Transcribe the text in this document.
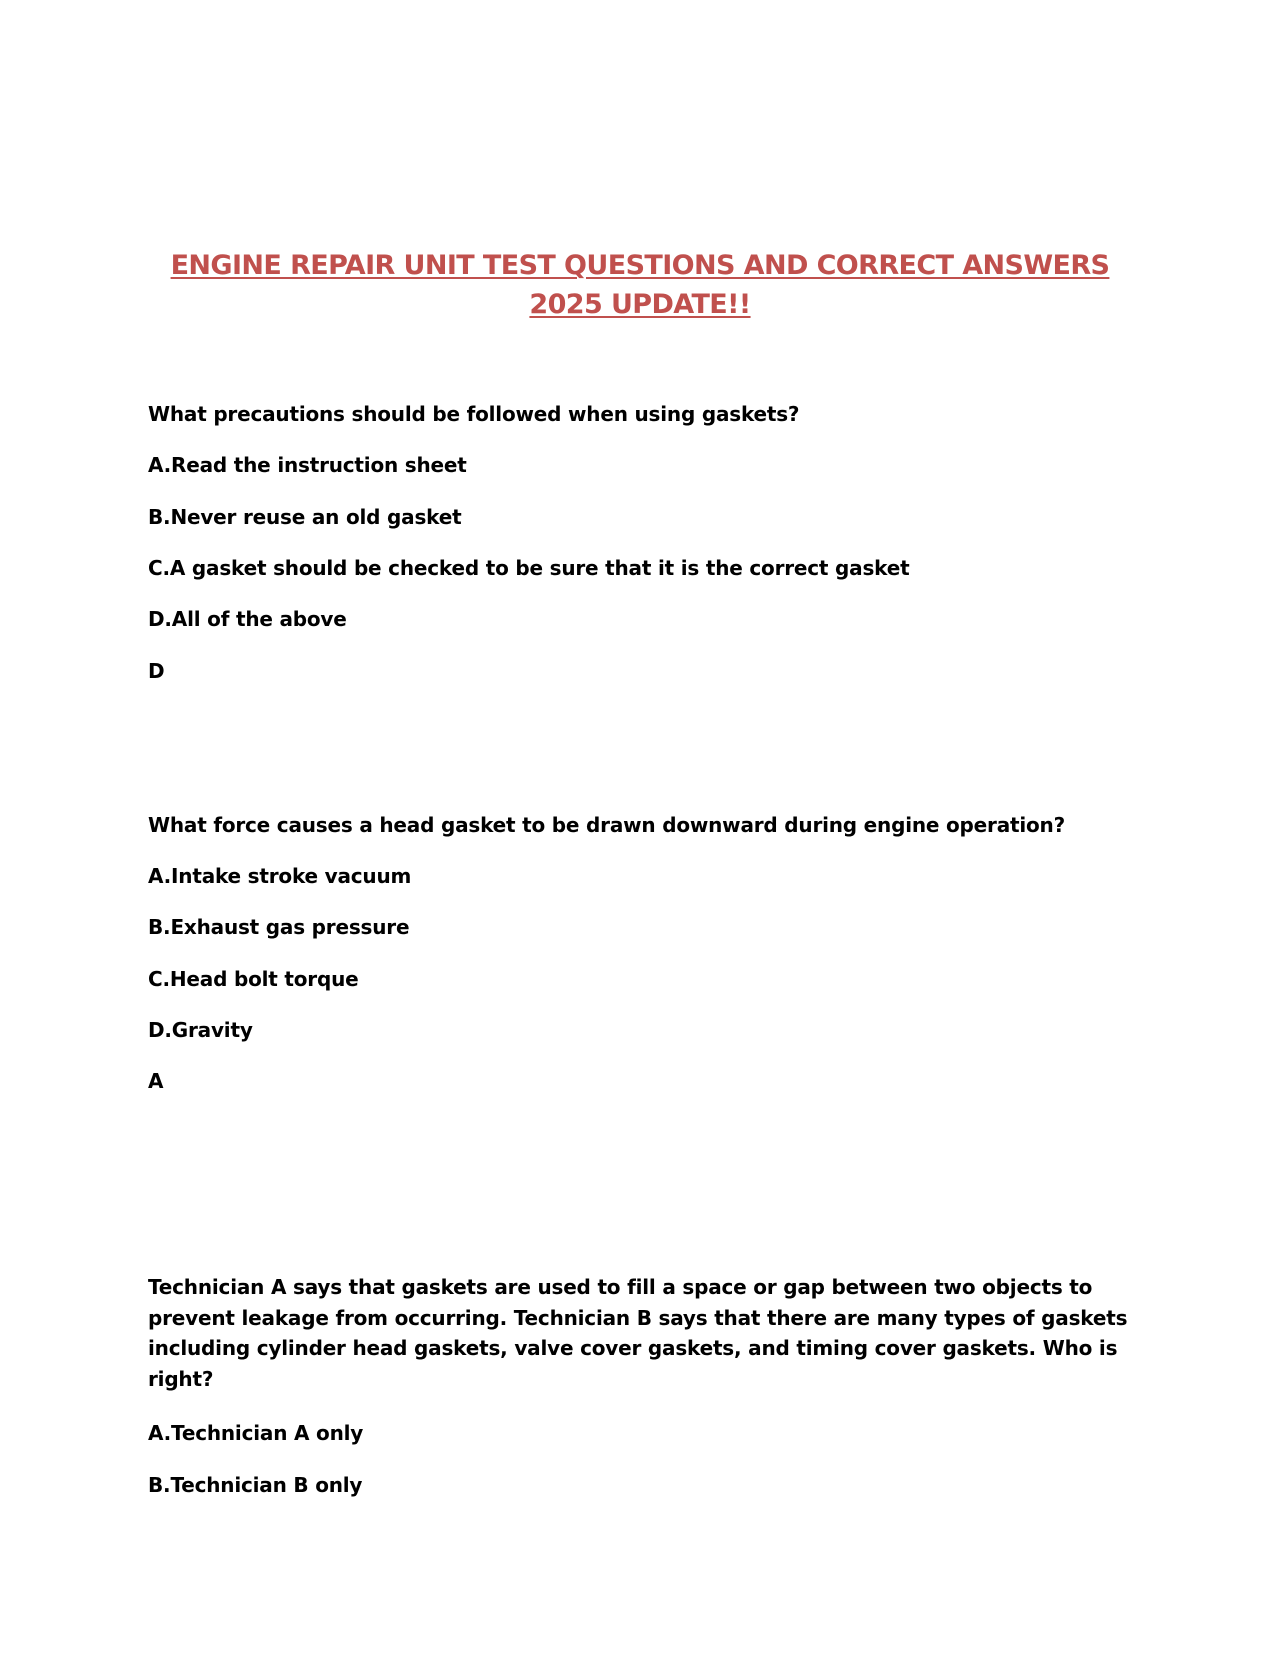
ENGINE REPAIR UNIT TEST QUESTIONS AND CORRECT ANSWERS
2025 UPDATE!!
What precautions should be followed when using gaskets?
A.Read the instruction sheet
B.Never reuse an old gasket
C.A gasket should be checked to be sure that it is the correct gasket
D.All of the above
D
What force causes a head gasket to be drawn downward during engine operation?
A.Intake stroke vacuum
B.Exhaust gas pressure
C.Head bolt torque
D.Gravity
A
Technician A says that gaskets are used to fill a space or gap between two objects to prevent leakage from occurring. Technician B says that there are many types of gaskets including cylinder head gaskets, valve cover gaskets, and timing cover gaskets. Who is right?
A.Technician A only
B.Technician B only
